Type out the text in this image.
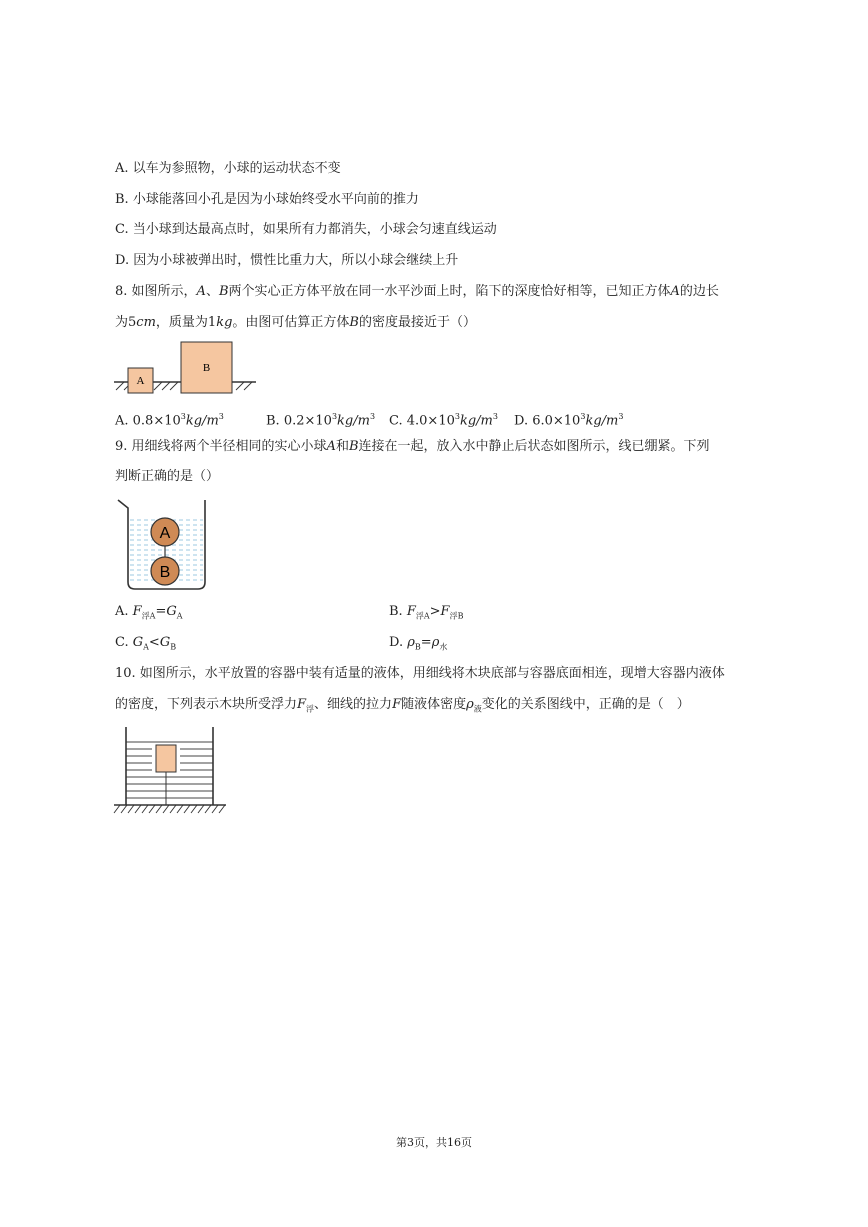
A. 以车为参照物，小球的运动状态不变
B. 小球能落回小孔是因为小球始终受水平向前的推力
C. 当小球到达最高点时，如果所有力都消失，小球会匀速直线运动
D. 因为小球被弹出时，惯性比重力大，所以小球会继续上升
8. 如图所示，A、B两个实心正方体平放在同一水平沙面上时，陷下的深度恰好相等，已知正方体A的边长
为5cm，质量为1kg。由图可估算正方体B的密度最接近于（）
A
B
A. $0.8\times 10^3kg/m^3$	B. $0.2\times 10^3kg/m^3$ C. $4.0\times 10^3kg/m^3$ D. $6.0\times 10^3kg/m^3$
9. 用细线将两个半径相同的实心小球A和B连接在一起，放入水中静止后状态如图所示，线已绷紧。下列
判断正确的是（）
A
B
A. $F_{浮A}=G_A$	B. $F_{浮A}>F_{浮B}$
C. $G_A<G_B$	D. $\rho_B=\rho_水$
10. 如图所示，水平放置的容器中装有适量的液体，用细线将木块底部与容器底面相连，现增大容器内液体
的密度，下列表示木块所受浮力$F_浮$、细线的拉力F随液体密度$\rho_液$变化的关系图线中，正确的是（　）
第3页，共16页
